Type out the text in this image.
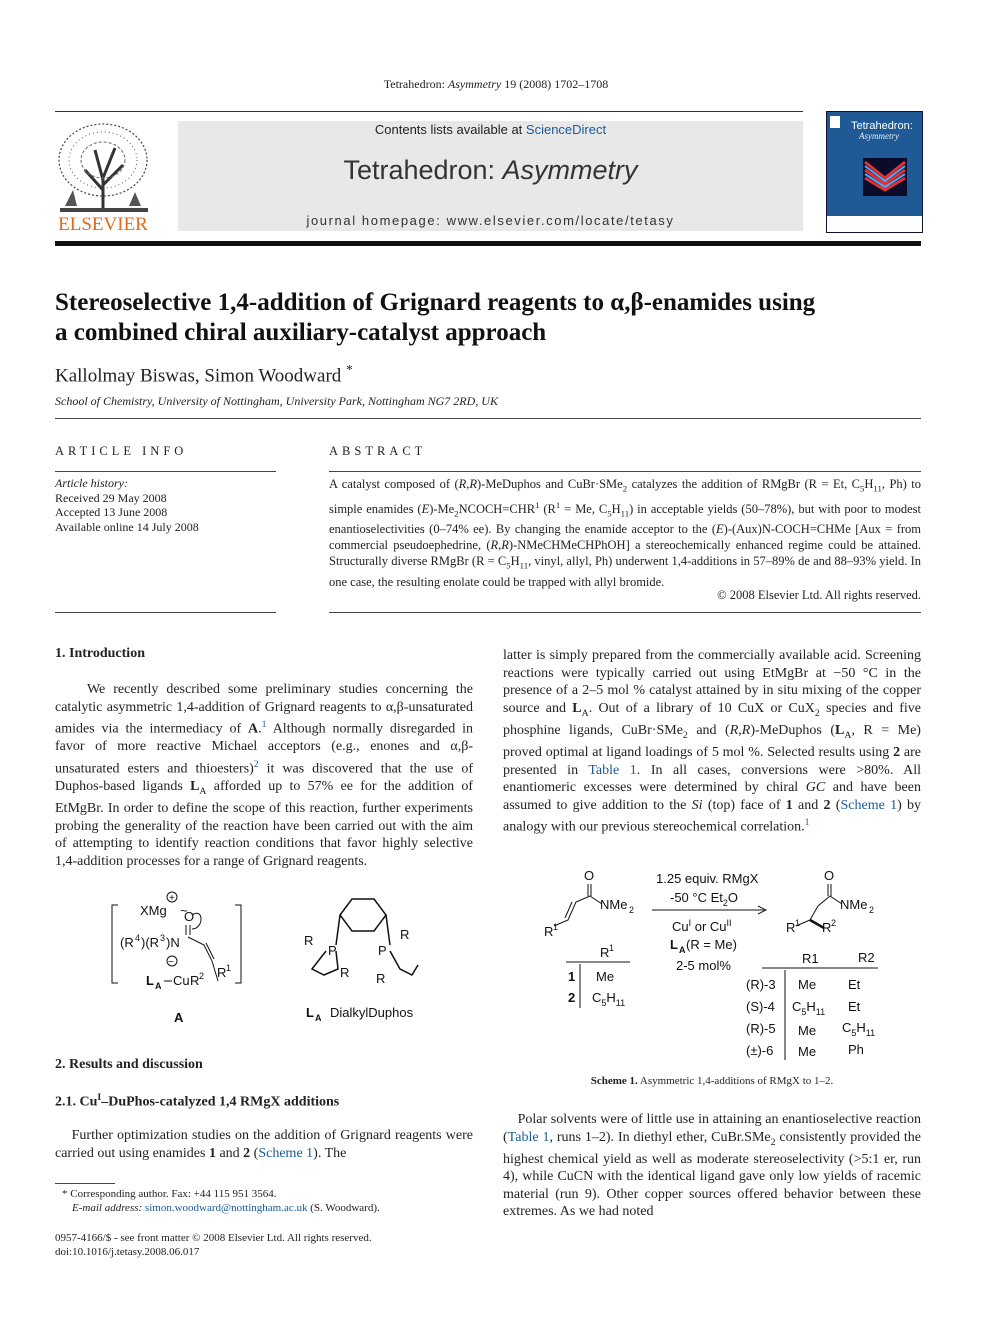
Tetrahedron: Asymmetry 19 (2008) 1702–1708
ELSEVIER
Contents lists available at ScienceDirect
Tetrahedron: Asymmetry
journal homepage: www.elsevier.com/locate/tetasy
Tetrahedron:
Asymmetry
Stereoselective 1,4-addition of Grignard reagents to α,β-enamides using
a combined chiral auxiliary-catalyst approach
Kallolmay Biswas, Simon Woodward *
School of Chemistry, University of Nottingham, University Park, Nottingham NG7 2RD, UK
ARTICLE INFO	ABSTRACT
Article history:
Received 29 May 2008
Accepted 13 June 2008
Available online 14 July 2008
A catalyst composed of (R,R)-MeDuphos and CuBr·SMe$_2$ catalyzes the addition of RMgBr (R = Et, $C_5H_{11}$, Ph) to simple enamides $(E)-Me_2NCOCH=CHR^1$ ($R^1 = Me$, $C_5H_{11}$) in acceptable yields (50–78%), but with poor to modest enantioselectivities (0–74% ee). By changing the enamide acceptor to the (E)-(Aux)N-COCH=CHMe [Aux = from commercial pseudoephedrine, (R,R)-NMeCHMeCHPhOH] a stereochemically enhanced regime could be attained. Structurally diverse RMgBr ($R = C_5H_{11}$, vinyl, allyl, Ph) underwent 1,4-additions in 57–89% de and 88–93% yield. In one case, the resulting enolate could be trapped with allyl bromide.
© 2008 Elsevier Ltd. All rights reserved.
1. Introduction
We recently described some preliminary studies concerning the catalytic asymmetric 1,4-addition of Grignard reagents to α,β-unsaturated amides via the intermediacy of A.$^1$ Although normally disregarded in favor of more reactive Michael acceptors (e.g., enones and α,β-unsaturated esters and thioesters)$^2$ it was discovered that the use of Duphos-based ligands $L_A$ afforded up to 57% ee for the addition of EtMgBr. In order to define the scope of this reaction, further experiments probing the generality of the reaction have been carried out with the aim of attempting to identify reaction conditions that favor highly selective 1,4-addition processes for a range of Grignard reagents.
+
XMg ~
O
(R 4 )(R 3 )N
R 1
−
L A Cu R 2
A
P	P
R
R
R
R
L A DialkylDuphos
2. Results and discussion
2.1. $Cu^I-DuPhos$-catalyzed 1,4 RMgX additions
Further optimization studies on the addition of Grignard reagents were carried out using enamides 1 and 2 (Scheme 1). The
* Corresponding author. Fax: +44 115 951 3564.
E-mail address: simon.woodward@nottingham.ac.uk (S. Woodward).
0957-4166/$ - see front matter © 2008 Elsevier Ltd. All rights reserved.
doi:10.1016/j.tetasy.2008.06.017
latter is simply prepared from the commercially available acid. Screening reactions were typically carried out using EtMgBr at −50 °C in the presence of a 2–5 mol % catalyst attained by in situ mixing of the copper source and $L_A$. Out of a library of 10 CuX or CuX$_2$ species and five phosphine ligands, CuBr·SMe$_2$ and (R,R)-MeDuphos ($L_A$, R = Me) proved optimal at ligand loadings of 5 mol %. Selected results using 2 are presented in Table 1. In all cases, conversions were >80%. All enantiomeric excesses were determined by chiral GC and have been assumed to give addition to the Si (top) face of 1 and 2 (Scheme 1) by analogy with our previous stereochemical correlation.$^1$
O
NMe 2
R 1
1.25 equiv. RMgX
-50 °C $Et_2O$
$Cu^I$ or $Cu^{II}$
L A (R = Me)
2-5 mol%
O
NMe 2
R 1 R 2
R 1
1 Me
2 $C_5H_{11}$
R1	R2
(R)-3 Me Et
(S)-4 $C_5H_{11}$ Et
(R)-5 Me $C_5H_{11}$
(±)-6 Me Ph
Scheme 1. Asymmetric 1,4-additions of RMgX to 1–2.
Polar solvents were of little use in attaining an enantioselective reaction (Table 1, runs 1–2). In diethyl ether, CuBr.SMe$_2$ consistently provided the highest chemical yield as well as moderate stereoselectivity (>5:1 er, run 4), while CuCN with the identical ligand gave only low yields of racemic material (run 9). Other copper sources offered behavior between these extremes. As we had noted
